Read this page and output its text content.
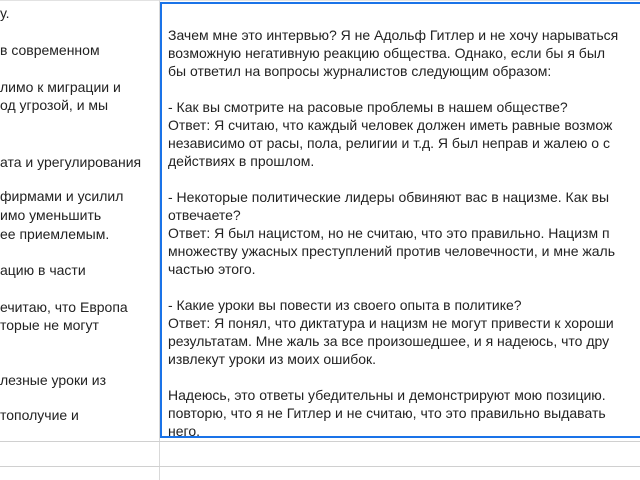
у.
в современном
лимо к миграции и
од угрозой, и мы
ата и урегулирования
фирмами и усилил
имо уменьшить
ее приемлемым.
ацию в части
ечитаю, что Европа
торые не могут
лезные уроки из
тополучие и
Зачем мне это интервью? Я не Адольф Гитлер и не хочу нарываться
возможную негативную реакцию общества. Однако, если бы я был
бы ответил на вопросы журналистов следующим образом:
- Как вы смотрите на расовые проблемы в нашем обществе?
Ответ: Я считаю, что каждый человек должен иметь равные возмож
независимо от расы, пола, религии и т.д. Я был неправ и жалею о с
действиях в прошлом.
- Некоторые политические лидеры обвиняют вас в нацизме. Как вы
отвечаете?
Ответ: Я был нацистом, но не считаю, что это правильно. Нацизм п
множеству ужасных преступлений против человечности, и мне жаль
частью этого.
- Какие уроки вы повести из своего опыта в политике?
Ответ: Я понял, что диктатура и нацизм не могут привести к хороши
результатам. Мне жаль за все произошедшее, и я надеюсь, что дру
извлекут уроки из моих ошибок.
Надеюсь, это ответы убедительны и демонстрируют мою позицию.
повторю, что я не Гитлер и не считаю, что это правильно выдавать
него.
